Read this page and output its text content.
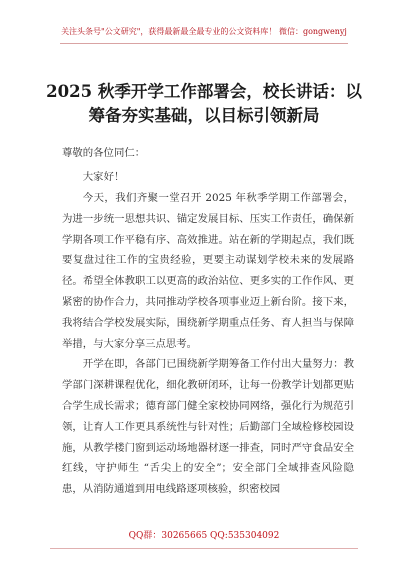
关注头条号"公文研究"，获得最新最全最专业的公文资料库！ 微信：gongwenyj
2025 秋季开学工作部署会，校长讲话：以筹备夯实基础，以目标引领新局

尊敬的各位同仁：

大家好！

今天，我们齐聚一堂召开 2025 年秋季学期工作部署会，为进一步统一思想共识、锚定发展目标、压实工作责任，确保新学期各项工作平稳有序、高效推进。站在新的学期起点，我们既要复盘过往工作的宝贵经验，更要主动谋划学校未来的发展路径。希望全体教职工以更高的政治站位、更多实的工作作风、更紧密的协作合力，共同推动学校各项事业迈上新台阶。接下来，我将结合学校发展实际，围绕新学期重点任务、育人担当与保障举措，与大家分享三点思考。

开学在即，各部门已围绕新学期筹备工作付出大量努力：教学部门深耕课程优化，细化教研闭环，让每一份教学计划都更贴合学生成长需求；德育部门健全家校协同网络，强化行为规范引领，让育人工作更具系统性与针对性；后勤部门全域检修校园设施，从教学楼门窗到运动场地器材逐一排查，同时严守食品安全红线，守护师生 “舌尖上的安全”；安全部门全域排查风险隐患，从消防通道到用电线路逐项核验，织密校园

QQ群：30265665 QQ:535304092
